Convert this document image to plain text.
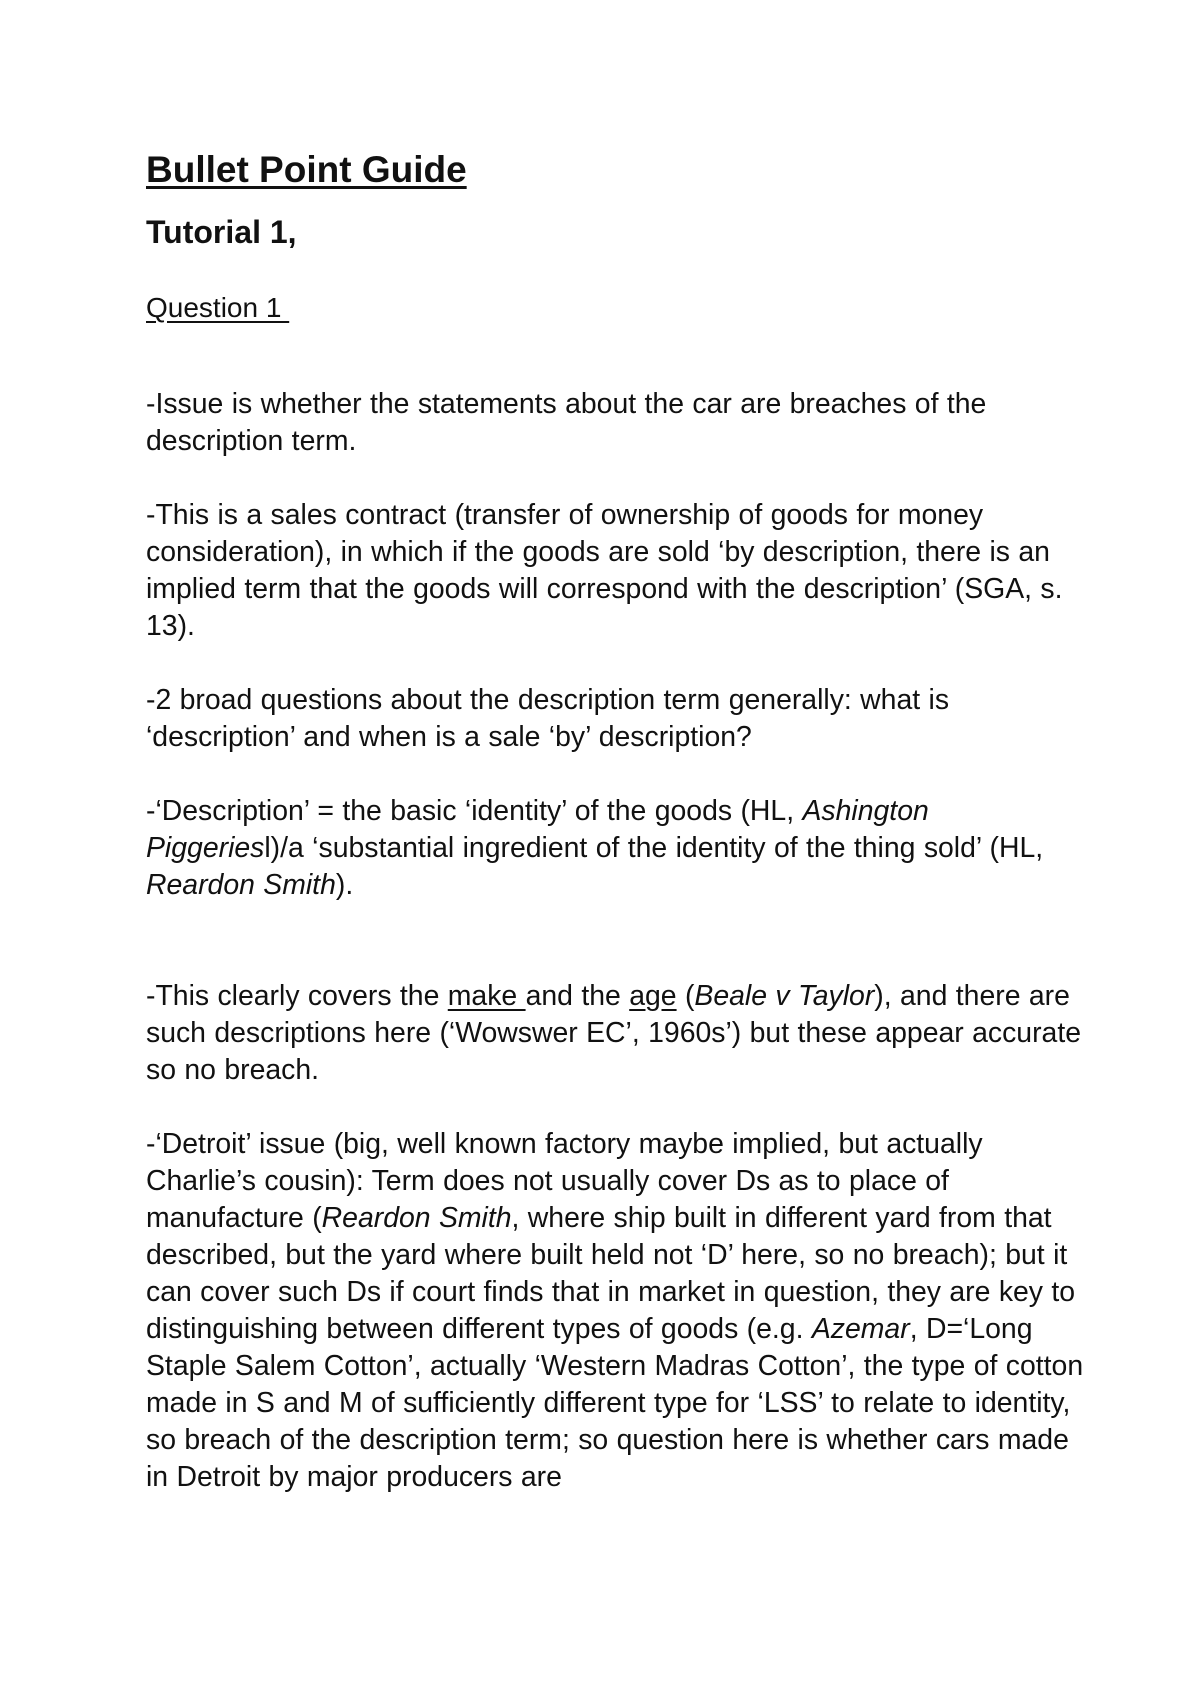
Bullet Point Guide
Tutorial 1,
Question 1

-Issue is whether the statements about the car are breaches of the description term.

-This is a sales contract (transfer of ownership of goods for money consideration), in which if the goods are sold ‘by description, there is an implied term that the goods will correspond with the description’ (SGA, s. 13).

-2 broad questions about the description term generally: what is ‘description’ and when is a sale ‘by’ description?

-‘Description’ = the basic ‘identity’ of the goods (HL, Ashington Piggeriesl)/a ‘substantial ingredient of the identity of the thing sold’ (HL, Reardon Smith).

-This clearly covers the make and the age (Beale v Taylor), and there are such descriptions here (‘Wowswer EC’, 1960s’) but these appear accurate so no breach.

-‘Detroit’ issue (big, well known factory maybe implied, but actually Charlie’s cousin): Term does not usually cover Ds as to place of manufacture (Reardon Smith, where ship built in different yard from that described, but the yard where built held not ‘D’ here, so no breach); but it can cover such Ds if court finds that in market in question, they are key to distinguishing between different types of goods (e.g. Azemar, D=‘Long Staple Salem Cotton’, actually ‘Western Madras Cotton’, the type of cotton made in S and M of sufficiently different type for ‘LSS’ to relate to identity, so breach of the description term; so question here is whether cars made in Detroit by major producers are
